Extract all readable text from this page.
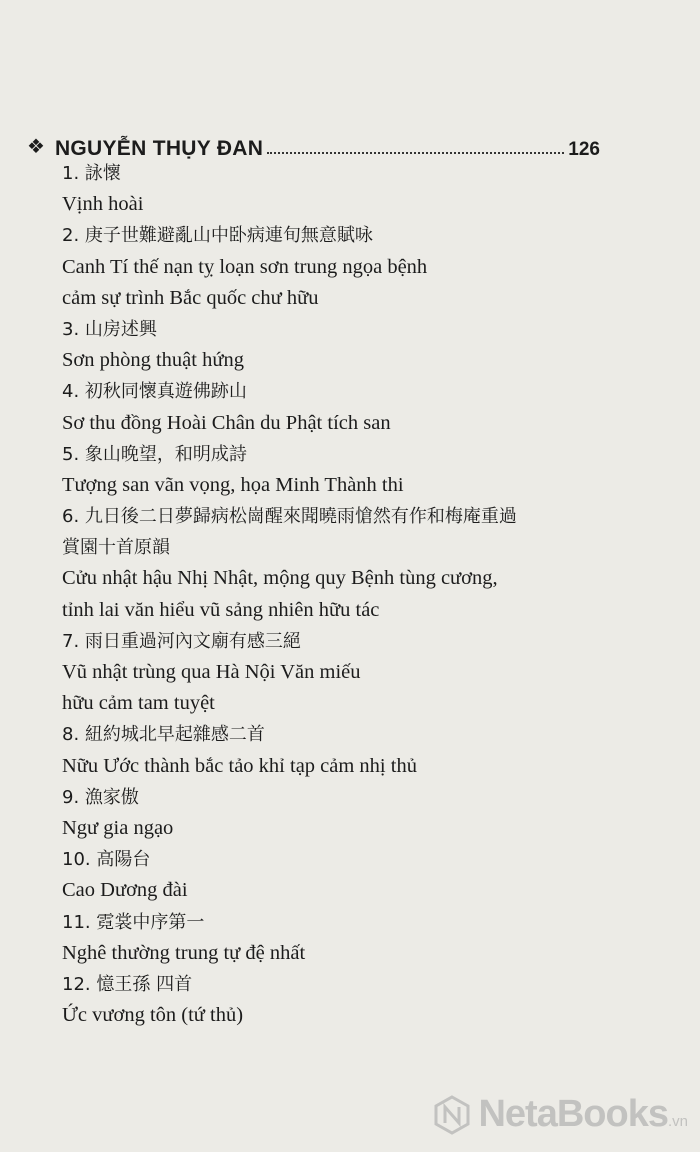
❖ NGUYỄN THỤY ĐAN	126
1. 詠懷
Vịnh hoài
2. 庚子世難避亂山中卧病連旬無意賦咏
Canh Tí thế nạn tỵ loạn sơn trung ngọa bệnh
cảm sự trình Bắc quốc chư hữu
3. 山房述興
Sơn phòng thuật hứng
4. 初秋同懷真遊佛跡山
Sơ thu đồng Hoài Chân du Phật tích san
5. 象山晚望，和明成詩
Tượng san vãn vọng, họa Minh Thành thi
6. 九日後二日夢歸病松崗醒來聞曉雨愴然有作和梅庵重過
賞園十首原韻
Cửu nhật hậu Nhị Nhật, mộng quy Bệnh tùng cương,
tỉnh lai văn hiểu vũ sảng nhiên hữu tác
7. 雨日重過河內文廟有感三絕
Vũ nhật trùng qua Hà Nội Văn miếu
hữu cảm tam tuyệt
8. 紐約城北早起雜感二首
Nữu Ước thành bắc tảo khỉ tạp cảm nhị thủ
9. 漁家傲
Ngư gia ngạo
10. 高陽台
Cao Dương đài
11. 霓裳中序第一
Nghê thường trung tự đệ nhất
12. 憶王孫 四首
Ức vương tôn (tứ thủ)
NetaBooks .vn
